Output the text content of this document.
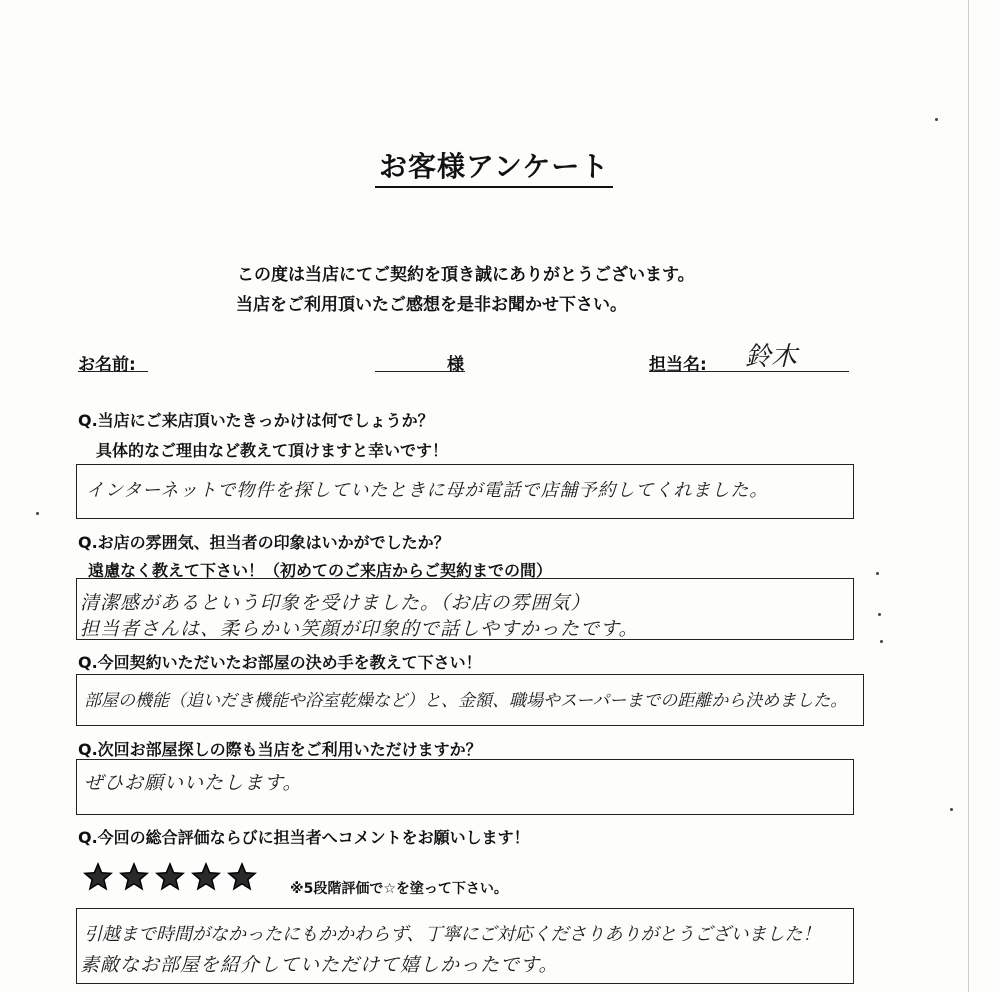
お客様アンケート
この度は当店にてご契約を頂き誠にありがとうございます。
当店をご利用頂いたご感想を是非お聞かせ下さい。
お名前:	様	担当名: 鈴木
Q.当店にご来店頂いたきっかけは何でしょうか？
具体的なご理由など教えて頂けますと幸いです！
インターネットで物件を探していたときに母が電話で店舗予約してくれました。
Q.お店の雰囲気、担当者の印象はいかがでしたか？
遠慮なく教えて下さい！（初めてのご来店からご契約までの間）
清潔感があるという印象を受けました。（お店の雰囲気）
担当者さんは、柔らかい笑顔が印象的で話しやすかったです。
Q.今回契約いただいたお部屋の決め手を教えて下さい！
部屋の機能（追いだき機能や浴室乾燥など）と、金額、職場やスーパーまでの距離から決めました。
Q.次回お部屋探しの際も当店をご利用いただけますか？
ぜひお願いいたします。
Q.今回の総合評価ならびに担当者へコメントをお願いします！
※5段階評価で☆を塗って下さい。
引越まで時間がなかったにもかかわらず、丁寧にご対応くださりありがとうございました！
素敵なお部屋を紹介していただけて嬉しかったです。
